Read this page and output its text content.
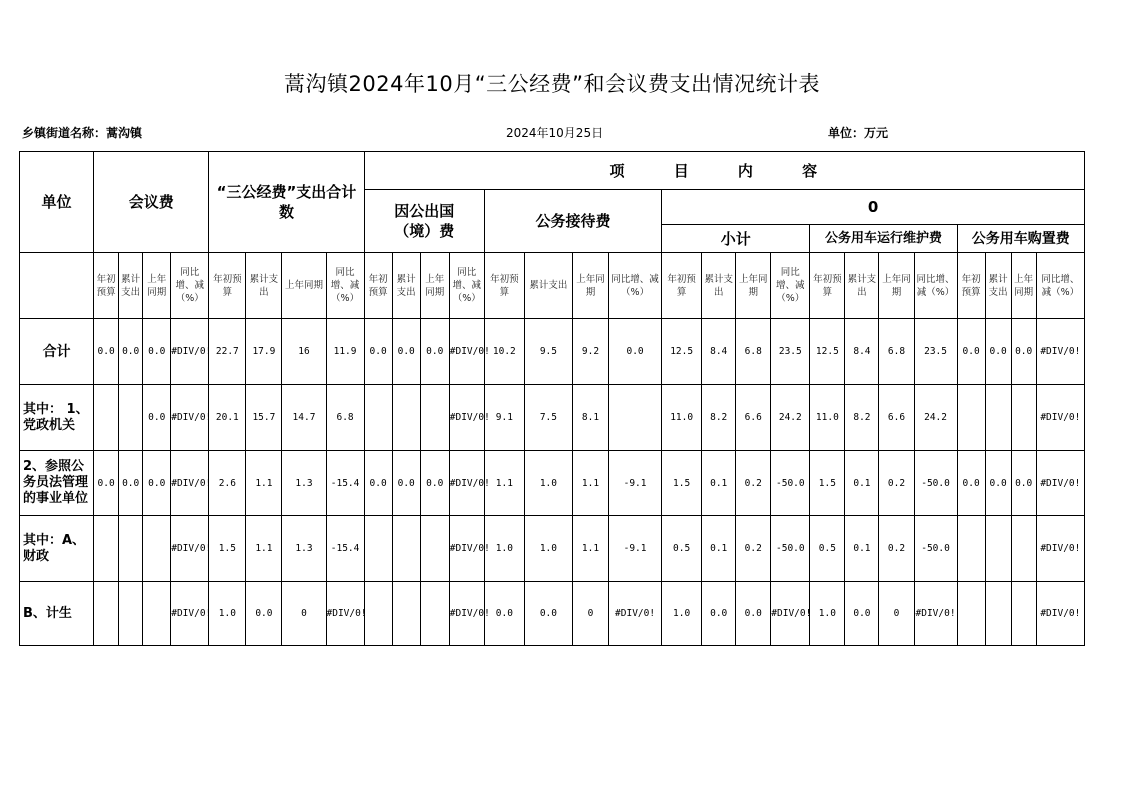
蒿沟镇2024年10月“三公经费”和会议费支出情况统计表
乡镇街道名称：蒿沟镇	2024年10月25日	单位：万元
单位	会议费				“三公经费”支出合计数				项 目 内 容																			
									因公出国（境）费				公务接待费				0											
																	小计				公务用车运行维护费				公务用车购置费			
	年初预算	累计支出	上年同期	同比增、减（%）	年初预算	累计支出	上年同期	同比增、减（%）	年初预算	累计支出	上年同期	同比增、减（%）	年初预算	累计支出	上年同期	同比增、减（%）	年初预算	累计支出	上年同期	同比增、减（%）	年初预算	累计支出	上年同期	同比增、减（%）	年初预算	累计支出	上年同期	同比增、减（%）
合计	0.0	0.0	0.0	#DIV/0!	22.7	17.9	16	11.9	0.0	0.0	0.0	#DIV/0!	10.2	9.5	9.2	0.0	12.5	8.4	6.8	23.5	12.5	8.4	6.8	23.5	0.0	0.0	0.0	#DIV/0!
其中： 1、党政机关			0.0	#DIV/0!	20.1	15.7	14.7	6.8				#DIV/0!	9.1	7.5	8.1		11.0	8.2	6.6	24.2	11.0	8.2	6.6	24.2				#DIV/0!
2、参照公务员法管理的事业单位	0.0	0.0	0.0	#DIV/0!	2.6	1.1	1.3	-15.4	0.0	0.0	0.0	#DIV/0!	1.1	1.0	1.1	-9.1	1.5	0.1	0.2	-50.0	1.5	0.1	0.2	-50.0	0.0	0.0	0.0	#DIV/0!
其中：A、财政				#DIV/0!	1.5	1.1	1.3	-15.4				#DIV/0!	1.0	1.0	1.1	-9.1	0.5	0.1	0.2	-50.0	0.5	0.1	0.2	-50.0				#DIV/0!
B、计生				#DIV/0!	1.0	0.0	0	#DIV/0!				#DIV/0!	0.0	0.0	0	#DIV/0!	1.0	0.0	0.0	#DIV/0!	1.0	0.0	0	#DIV/0!				#DIV/0!
